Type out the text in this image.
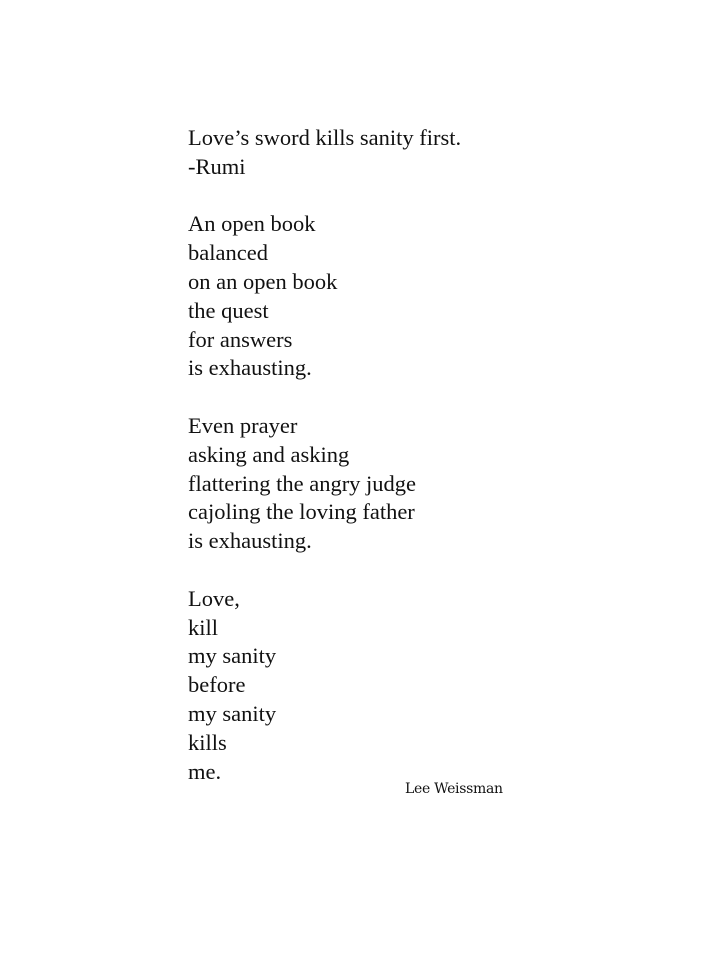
Love’s sword kills sanity first.
-Rumi
An open book
balanced
on an open book
the quest
for answers
is exhausting.
Even prayer
asking and asking
flattering the angry judge
cajoling the loving father
is exhausting.
Love,
kill
my sanity
before
my sanity
kills
me.
Lee Weissman
